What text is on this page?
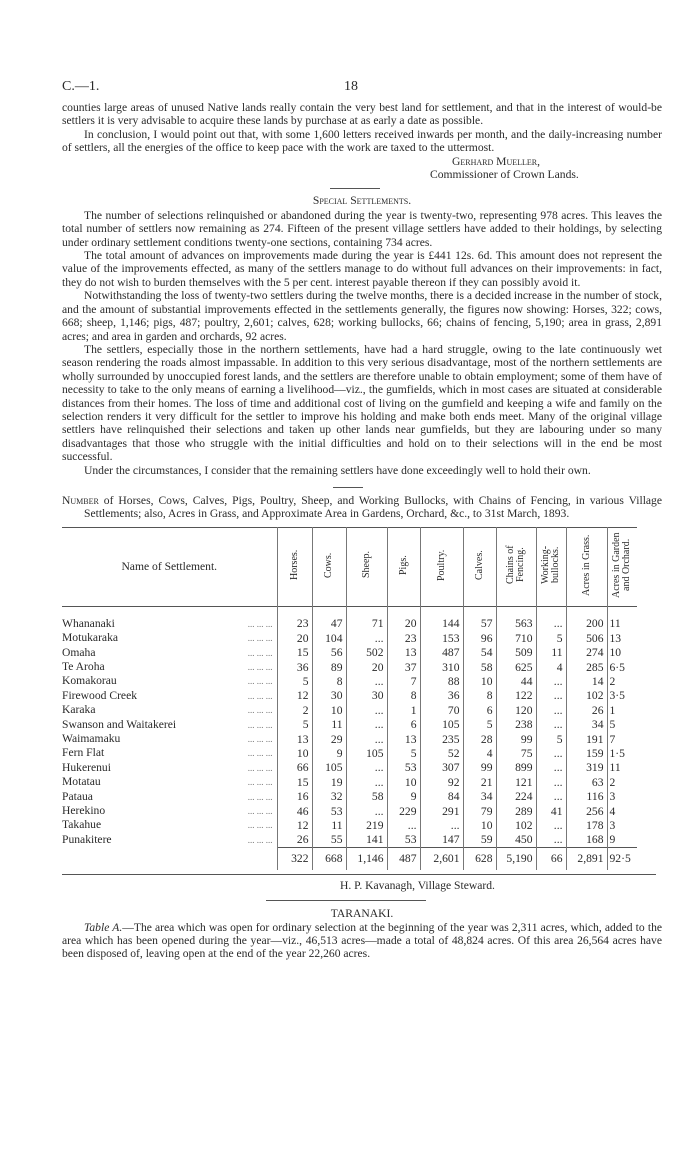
C.—1.	18

counties large areas of unused Native lands really contain the very best land for settlement, and that in the interest of would-be settlers it is very advisable to acquire these lands by purchase at as early a date as possible.

In conclusion, I would point out that, with some 1,600 letters received inwards per month, and the daily-increasing number of settlers, all the energies of the office to keep pace with the work are taxed to the uttermost.

Gerhard Mueller,
Commissioner of Crown Lands.
Special Settlements.

The number of selections relinquished or abandoned during the year is twenty-two, representing 978 acres. This leaves the total number of settlers now remaining as 274. Fifteen of the present village settlers have added to their holdings, by selecting under ordinary settlement conditions twenty-one sections, containing 734 acres.

The total amount of advances on improvements made during the year is £441 12s. 6d. This amount does not represent the value of the improvements effected, as many of the settlers manage to do without full advances on their improvements: in fact, they do not wish to burden themselves with the 5 per cent. interest payable thereon if they can possibly avoid it.

Notwithstanding the loss of twenty-two settlers during the twelve months, there is a decided increase in the number of stock, and the amount of substantial improvements effected in the settlements generally, the figures now showing: Horses, 322; cows, 668; sheep, 1,146; pigs, 487; poultry, 2,601; calves, 628; working bullocks, 66; chains of fencing, 5,190; area in grass, 2,891 acres; and area in garden and orchards, 92 acres.

The settlers, especially those in the northern settlements, have had a hard struggle, owing to the late continuously wet season rendering the roads almost impassable. In addition to this very serious disadvantage, most of the northern settlements are wholly surrounded by unoccupied forest lands, and the settlers are therefore unable to obtain employment; some of them have of necessity to take to the only means of earning a livelihood—viz., the gumfields, which in most cases are situated at considerable distances from their homes. The loss of time and additional cost of living on the gumfield and keeping a wife and family on the selection renders it very difficult for the settler to improve his holding and make both ends meet. Many of the original village settlers have relinquished their selections and taken up other lands near gumfields, but they are labouring under so many disadvantages that those who struggle with the initial difficulties and hold on to their selections will in the end be most successful.

Under the circumstances, I consider that the remaining settlers have done exceedingly well to hold their own.

Number of Horses, Cows, Calves, Pigs, Poultry, Sheep, and Working Bullocks, with Chains of Fencing, in various Village Settlements; also, Acres in Grass, and Approximate Area in Gardens, Orchard, &c., to 31st March, 1893.
Name of Settlement.	Horses.	Cows.	Sheep.	Pigs.	Poultry.	Calves.	Chains of Fencing.	Working-bullocks.	Acres in Grass.	Acres in Garden and Orchard.

Whananaki ... ... ...	23	47	71	20	144	57	563	...	200	11

Motukaraka ... ... ...	20	104	...	23	153	96	710	5	506	13

Omaha ... ... ...	15	56	502	13	487	54	509	11	274	10

Te Aroha ... ... ...	36	89	20	37	310	58	625	4	285	6·5

Komakorau ... ... ...	5	8	...	7	88	10	44	...	14	2

Firewood Creek ... ... ...	12	30	30	8	36	8	122	...	102	3·5

Karaka ... ... ...	2	10	...	1	70	6	120	...	26	1

Swanson and Waitakerei ... ... ...	5	11	...	6	105	5	238	...	34	5

Waimamaku ... ... ...	13	29	...	13	235	28	99	5	191	7

Fern Flat ... ... ...	10	9	105	5	52	4	75	...	159	1·5

Hukerenui ... ... ...	66	105	...	53	307	99	899	...	319	11

Motatau ... ... ...	15	19	...	10	92	21	121	...	63	2

Pataua ... ... ...	16	32	58	9	84	34	224	...	116	3

Herekino ... ... ...	46	53	...	229	291	79	289	41	256	4

Takahue ... ... ...	12	11	219	...	...	10	102	...	178	3

Punakitere ... ... ...	26	55	141	53	147	59	450	...	168	9
	322	668	1,146	487	2,601	628	5,190	66	2,891	92·5
H. P. Kavanagh, Village Steward.
TARANAKI.

Table A.—The area which was open for ordinary selection at the beginning of the year was 2,311 acres, which, added to the area which has been opened during the year—viz., 46,513 acres—made a total of 48,824 acres. Of this area 26,564 acres have been disposed of, leaving open at the end of the year 22,260 acres.
